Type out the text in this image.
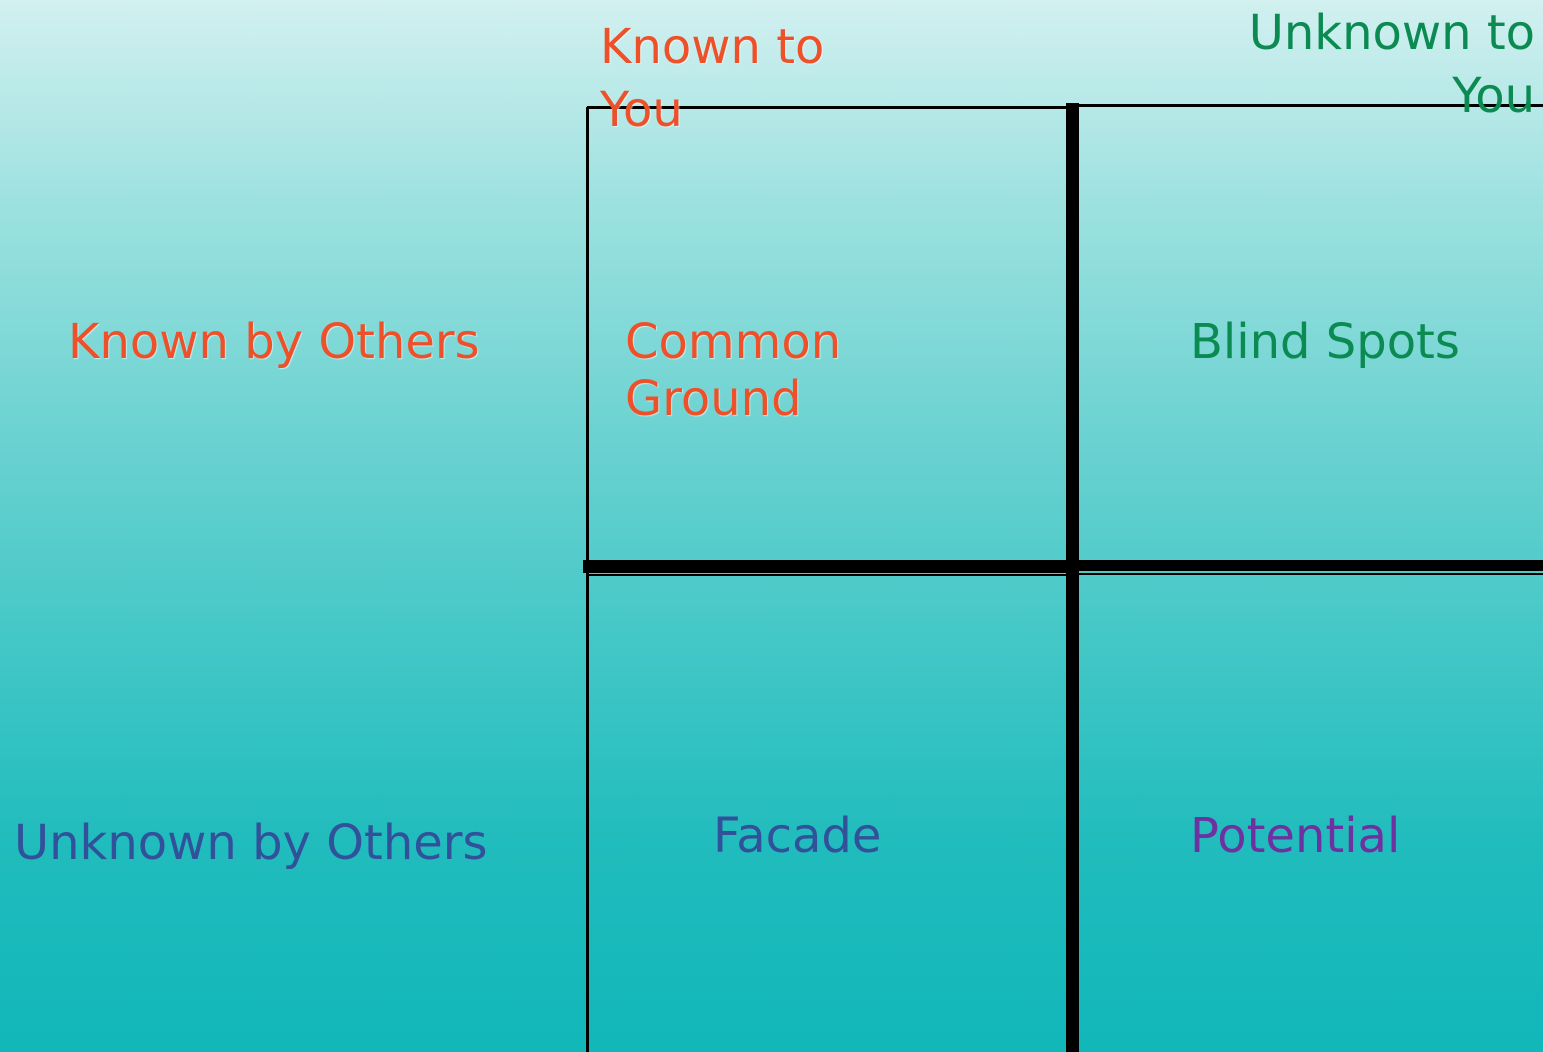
Known to You

Unknown to You

Known by Others

Unknown by Others

Common
Ground

Blind Spots

Facade	Potential
